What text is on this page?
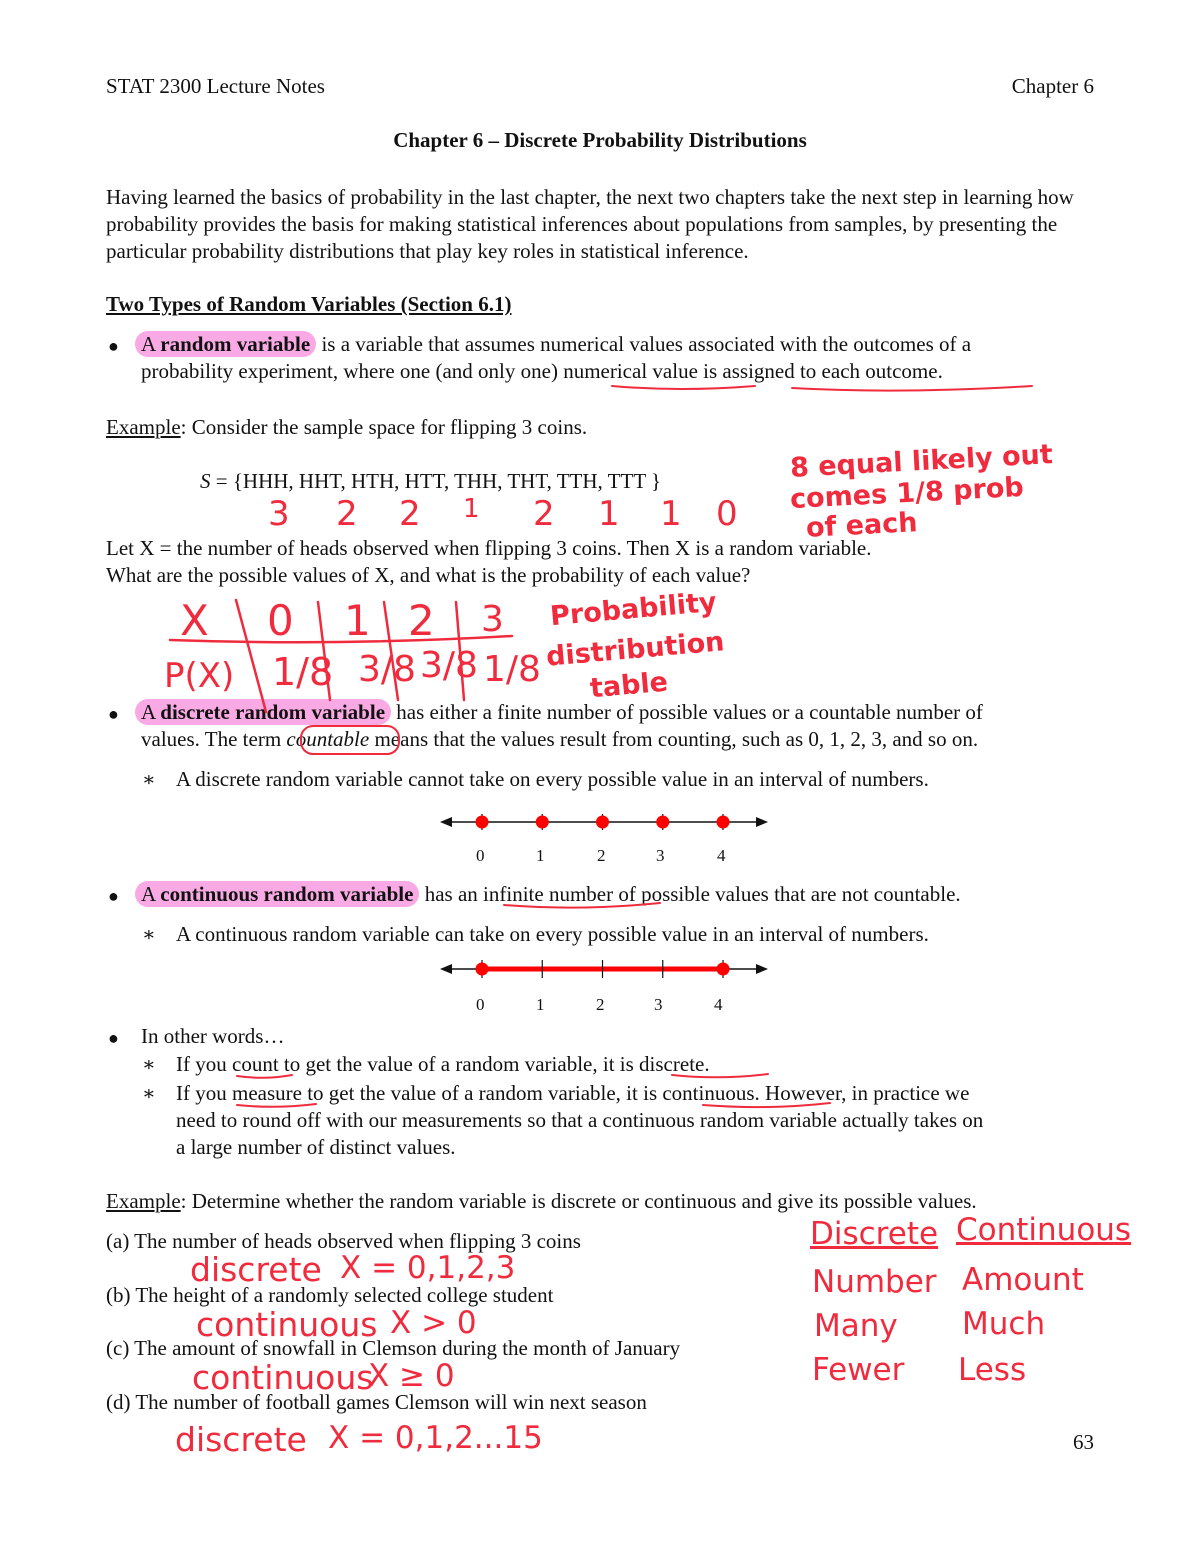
STAT 2300 Lecture Notes	Chapter 6
Chapter 6 – Discrete Probability Distributions
Having learned the basics of probability in the last chapter, the next two chapters take the next step in learning how probability provides the basis for making statistical inferences about populations from samples, by presenting the particular probability distributions that play key roles in statistical inference.
Two Types of Random Variables (Section 6.1)
● A random variable is a variable that assumes numerical values associated with the outcomes of a
probability experiment, where one (and only one) numerical value is assigned to each outcome.
Example: Consider the sample space for flipping 3 coins.
S = {HHH, HHT, HTH, HTT, THH, THT, TTH, TTT }
Let X = the number of heads observed when flipping 3 coins. Then X is a random variable.
What are the possible values of X, and what is the probability of each value?
● A discrete random variable has either a finite number of possible values or a countable number of
values. The term countable means that the values result from counting, such as 0, 1, 2, 3, and so on.
∗ A discrete random variable cannot take on every possible value in an interval of numbers.
0	1	2	3	4
● A continuous random variable has an infinite number of possible values that are not countable.
∗ A continuous random variable can take on every possible value in an interval of numbers.
0	1	2	3	4
● In other words…
∗ If you count to get the value of a random variable, it is discrete.
∗ If you measure to get the value of a random variable, it is continuous. However, in practice we
need to round off with our measurements so that a continuous random variable actually takes on
a large number of distinct values.
Example: Determine whether the random variable is discrete or continuous and give its possible values.
(a) The number of heads observed when flipping 3 coins
(b) The height of a randomly selected college student
(c) The amount of snowfall in Clemson during the month of January
(d) The number of football games Clemson will win next season
63
3 2 2 1 2 1 1 0
8 equal likely out
comes 1/8 prob
of each
X 0 1 2 3
P(X) 1/8 3/8 3/8 1/8
Probability
distribution
table
discrete X = 0,1,2,3
continuous X > 0
continuous
X ≥ 0
discrete X = 0,1,2...15
Discrete Continuous
Number Amount
Many Much
Fewer Less
